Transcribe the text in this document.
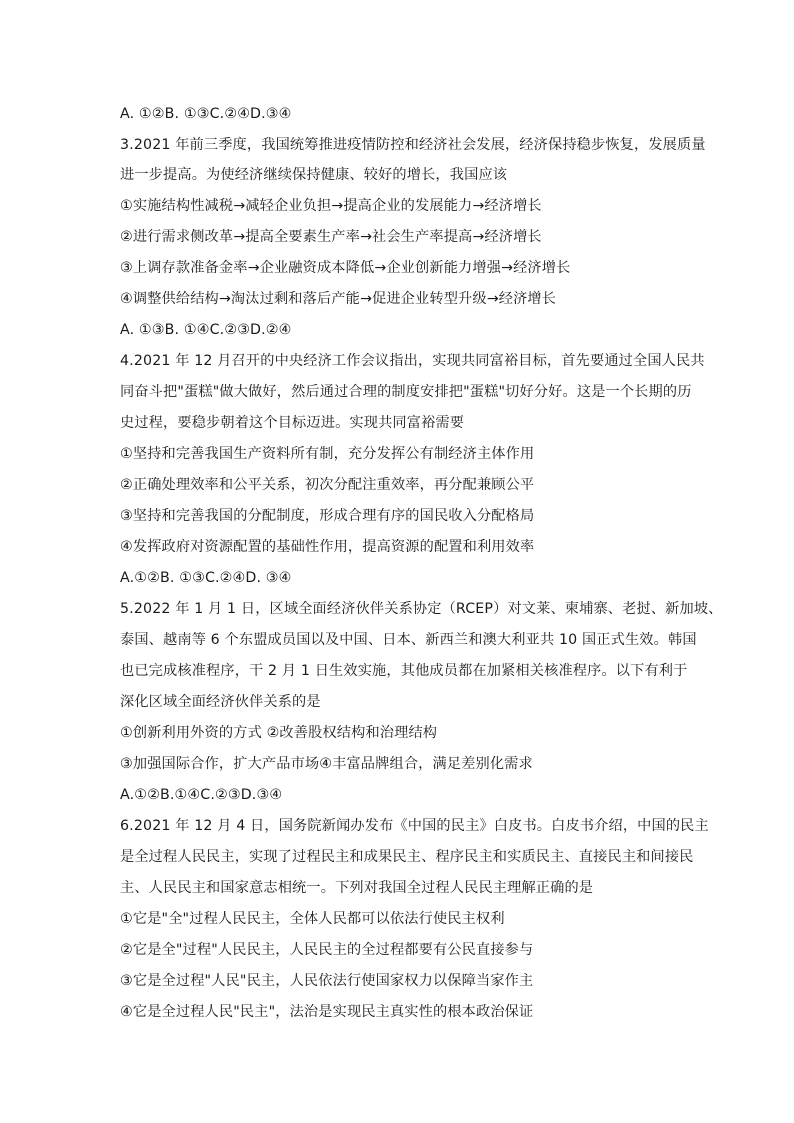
A. ①②B. ①③C.②④D.③④
3.2021 年前三季度，我国统筹推进疫情防控和经济社会发展，经济保持稳步恢复，发展质量
进一步提高。为使经济继续保持健康、较好的增长，我国应该
①实施结构性减税→减轻企业负担→提高企业的发展能力→经济增长
②进行需求侧改革→提高全要素生产率→社会生产率提高→经济增长
③上调存款准备金率→企业融资成本降低→企业创新能力增强→经济增长
④调整供给结构→淘汰过剩和落后产能→促进企业转型升级→经济增长
A. ①③B. ①④C.②③D.②④
4.2021 年 12 月召开的中央经济工作会议指出，实现共同富裕目标，首先要通过全国人民共
同奋斗把"蛋糕"做大做好，然后通过合理的制度安排把"蛋糕"切好分好。这是一个长期的历
史过程，要稳步朝着这个目标迈进。实现共同富裕需要
①坚持和完善我国生产资料所有制，充分发挥公有制经济主体作用
②正确处理效率和公平关系，初次分配注重效率，再分配兼顾公平
③坚持和完善我国的分配制度，形成合理有序的国民收入分配格局
④发挥政府对资源配置的基础性作用，提高资源的配置和利用效率
A.①②B. ①③C.②④D. ③④
5.2022 年 1 月 1 日，区域全面经济伙伴关系协定（RCEP）对文莱、柬埔寨、老挝、新加坡、
泰国、越南等 6 个东盟成员国以及中国、日本、新西兰和澳大利亚共 10 国正式生效。韩国
也已完成核准程序，干 2 月 1 日生效实施，其他成员都在加紧相关核准程序。以下有利于
深化区域全面经济伙伴关系的是
①创新利用外资的方式 ②改善股权结构和治理结构
③加强国际合作，扩大产品市场④丰富品牌组合，满足差别化需求
A.①②B.①④C.②③D.③④
6.2021 年 12 月 4 日，国务院新闻办发布《中国的民主》白皮书。白皮书介绍，中国的民主
是全过程人民民主，实现了过程民主和成果民主、程序民主和实质民主、直接民主和间接民
主、人民民主和国家意志相统一。下列对我国全过程人民民主理解正确的是
①它是"全"过程人民民主，全体人民都可以依法行使民主权利
②它是全"过程"人民民主，人民民主的全过程都要有公民直接参与
③它是全过程"人民"民主，人民依法行使国家权力以保障当家作主
④它是全过程人民"民主"，法治是实现民主真实性的根本政治保证
